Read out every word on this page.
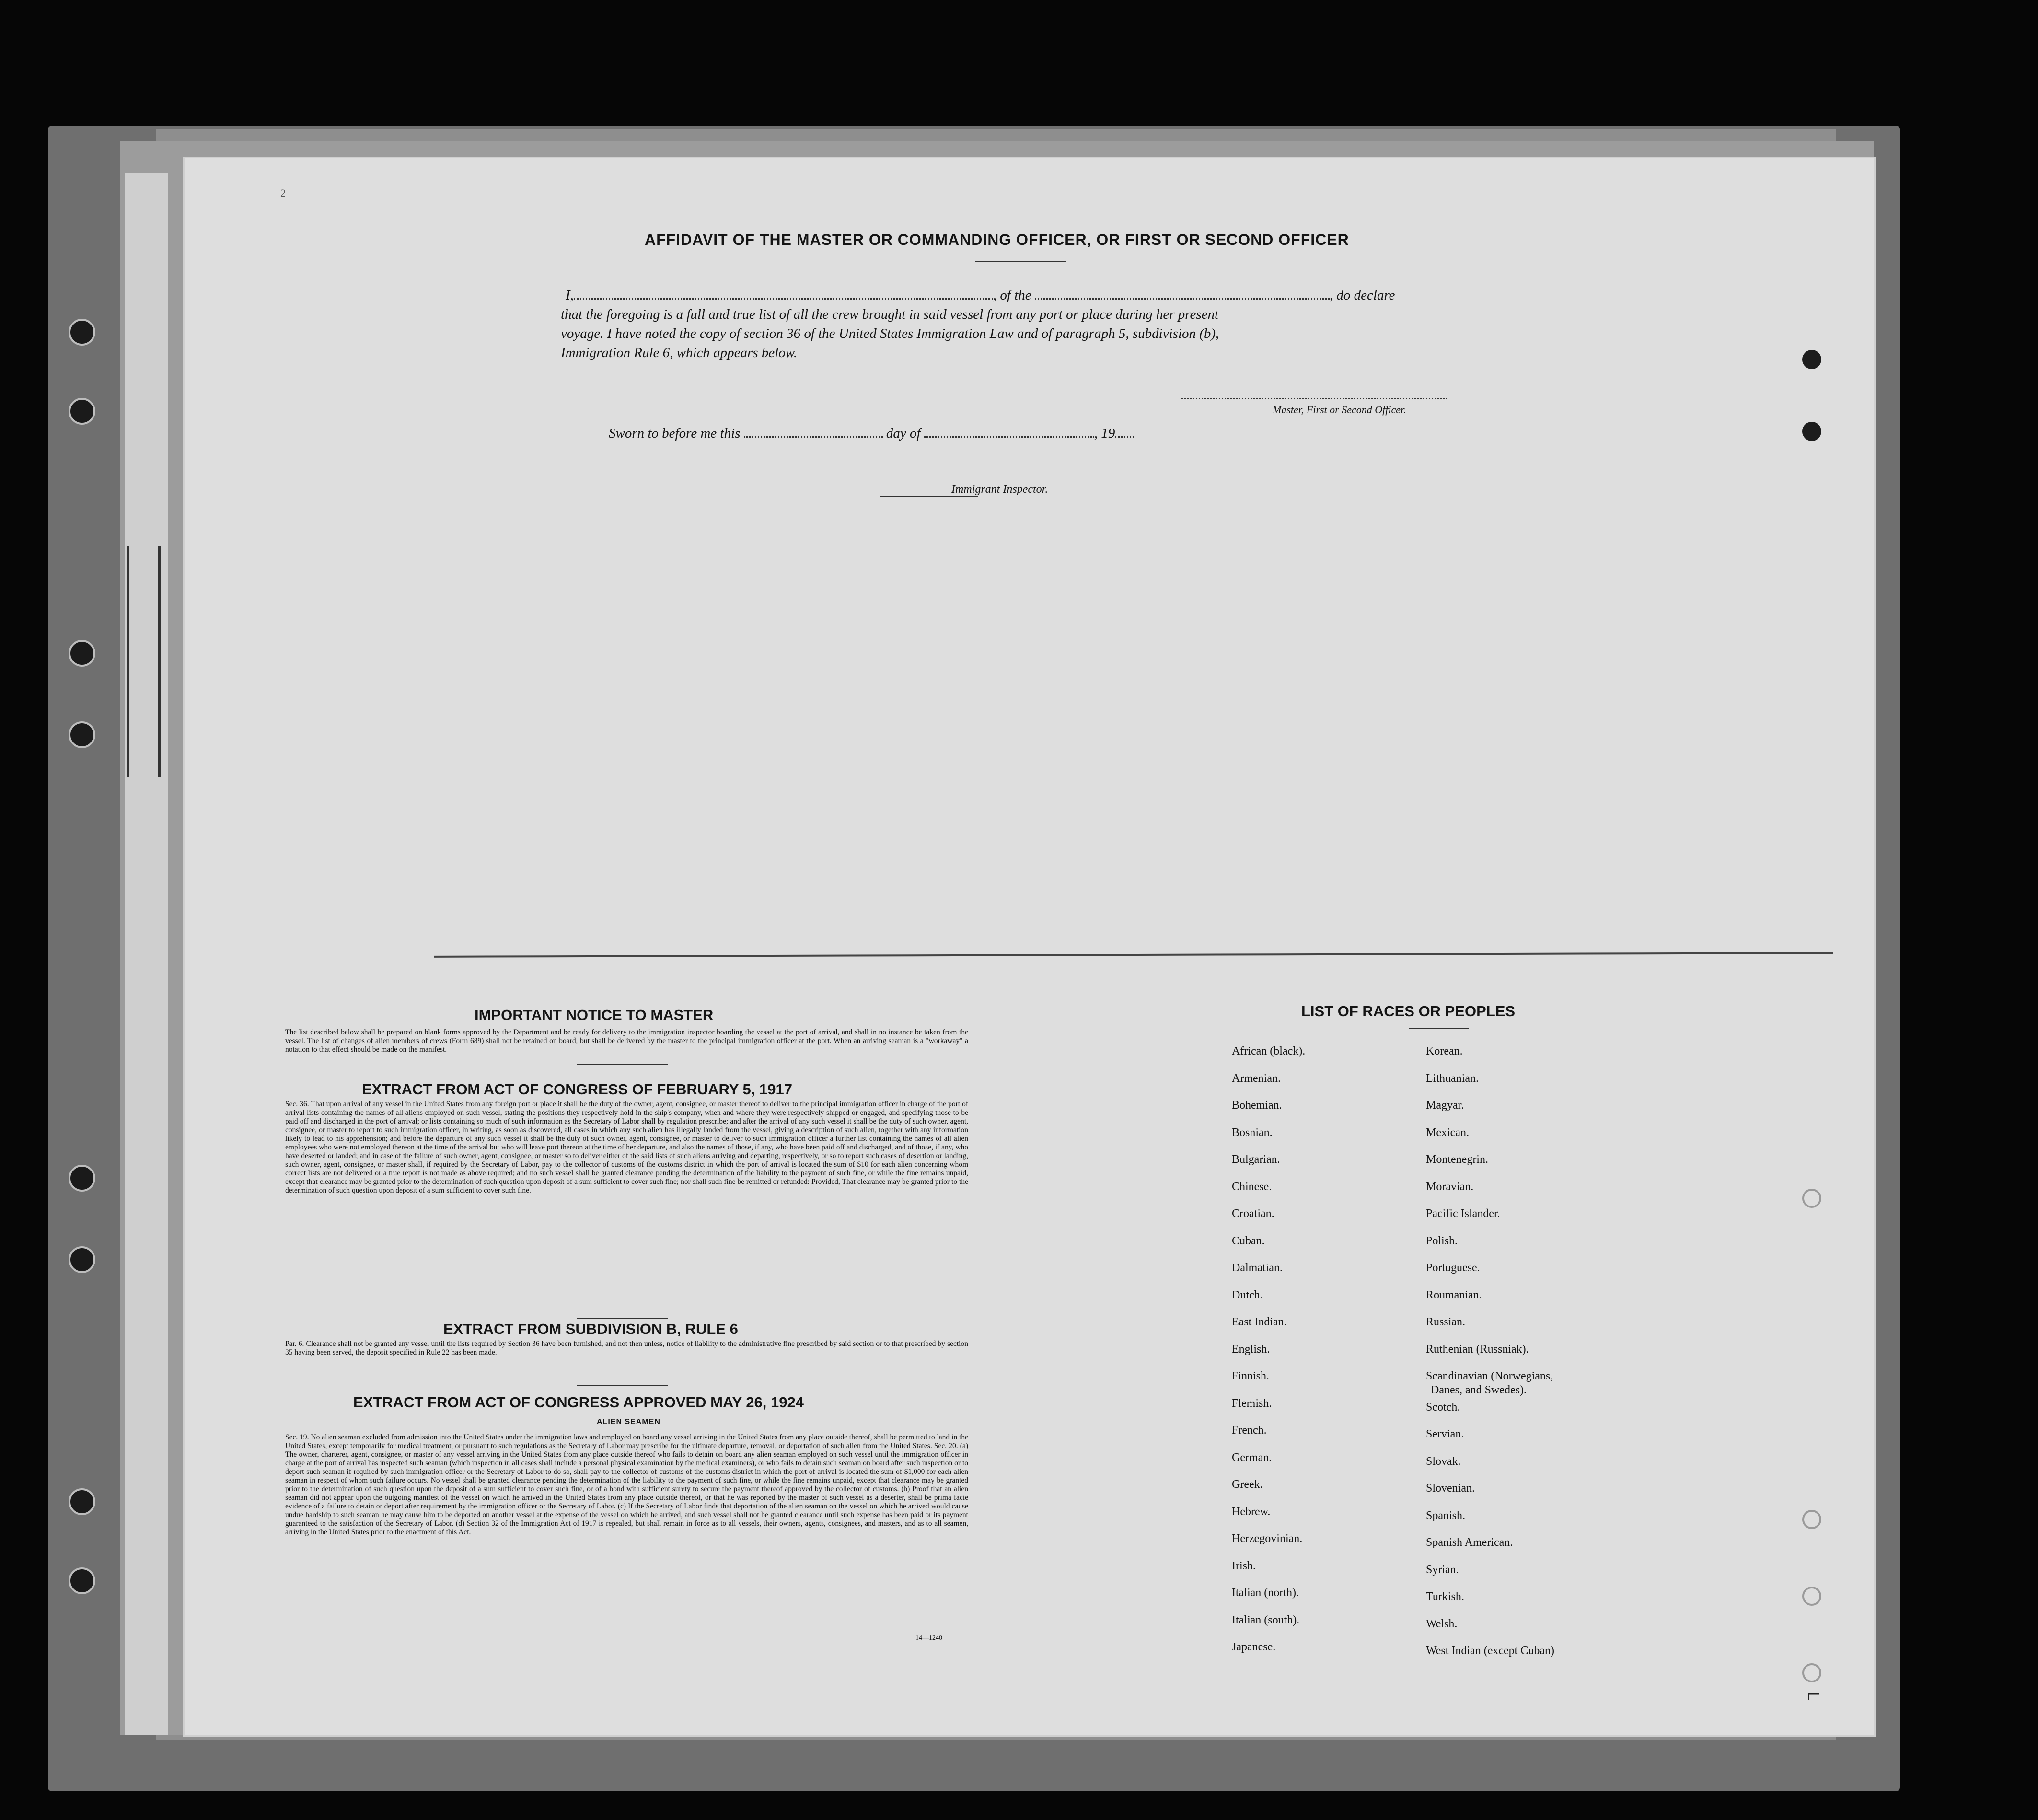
2
AFFIDAVIT OF THE MASTER OR COMMANDING OFFICER, OR FIRST OR SECOND OFFICER
I,	, of the	, do declare
that the foregoing is a full and true list of all the crew brought in said vessel from any port or place during her present
voyage. I have noted the copy of section 36 of the United States Immigration Law and of paragraph 5, subdivision (b),
Immigration Rule 6, which appears below.
Master, First or Second Officer.
Sworn to before me this	day of	, 19
Immigrant Inspector.
IMPORTANT NOTICE TO MASTER
The list described below shall be prepared on blank forms approved by the Department and be ready for delivery to the immigration inspector boarding the vessel at the port of arrival, and shall in no instance be taken from the vessel. The list of changes of alien members of crews (Form 689) shall not be retained on board, but shall be delivered by the master to the principal immigration officer at the port. When an arriving seaman is a "workaway" a notation to that effect should be made on the manifest.
EXTRACT FROM ACT OF CONGRESS OF FEBRUARY 5, 1917
Sec. 36. That upon arrival of any vessel in the United States from any foreign port or place it shall be the duty of the owner, agent, consignee, or master thereof to deliver to the principal immigration officer in charge of the port of arrival lists containing the names of all aliens employed on such vessel, stating the positions they respectively hold in the ship's company, when and where they were respectively shipped or engaged, and specifying those to be paid off and discharged in the port of arrival; or lists containing so much of such information as the Secretary of Labor shall by regulation prescribe; and after the arrival of any such vessel it shall be the duty of such owner, agent, consignee, or master to report to such immigration officer, in writing, as soon as discovered, all cases in which any such alien has illegally landed from the vessel, giving a description of such alien, together with any information likely to lead to his apprehension; and before the departure of any such vessel it shall be the duty of such owner, agent, consignee, or master to deliver to such immigration officer a further list containing the names of all alien employees who were not employed thereon at the time of the arrival but who will leave port thereon at the time of her departure, and also the names of those, if any, who have been paid off and discharged, and of those, if any, who have deserted or landed; and in case of the failure of such owner, agent, consignee, or master so to deliver either of the said lists of such aliens arriving and departing, respectively, or so to report such cases of desertion or landing, such owner, agent, consignee, or master shall, if required by the Secretary of Labor, pay to the collector of customs of the customs district in which the port of arrival is located the sum of $10 for each alien concerning whom correct lists are not delivered or a true report is not made as above required; and no such vessel shall be granted clearance pending the determination of the liability to the payment of such fine, or while the fine remains unpaid, except that clearance may be granted prior to the determination of such question upon deposit of a sum sufficient to cover such fine; nor shall such fine be remitted or refunded: Provided, That clearance may be granted prior to the determination of such question upon deposit of a sum sufficient to cover such fine.
EXTRACT FROM SUBDIVISION B, RULE 6
Par. 6. Clearance shall not be granted any vessel until the lists required by Section 36 have been furnished, and not then unless, notice of liability to the administrative fine prescribed by said section or to that prescribed by section 35 having been served, the deposit specified in Rule 22 has been made.
EXTRACT FROM ACT OF CONGRESS APPROVED MAY 26, 1924
ALIEN SEAMEN
Sec. 19. No alien seaman excluded from admission into the United States under the immigration laws and employed on board any vessel arriving in the United States from any place outside thereof, shall be permitted to land in the United States, except temporarily for medical treatment, or pursuant to such regulations as the Secretary of Labor may prescribe for the ultimate departure, removal, or deportation of such alien from the United States. Sec. 20. (a) The owner, charterer, agent, consignee, or master of any vessel arriving in the United States from any place outside thereof who fails to detain on board any alien seaman employed on such vessel until the immigration officer in charge at the port of arrival has inspected such seaman (which inspection in all cases shall include a personal physical examination by the medical examiners), or who fails to detain such seaman on board after such inspection or to deport such seaman if required by such immigration officer or the Secretary of Labor to do so, shall pay to the collector of customs of the customs district in which the port of arrival is located the sum of $1,000 for each alien seaman in respect of whom such failure occurs. No vessel shall be granted clearance pending the determination of the liability to the payment of such fine, or while the fine remains unpaid, except that clearance may be granted prior to the determination of such question upon the deposit of a sum sufficient to cover such fine, or of a bond with sufficient surety to secure the payment thereof approved by the collector of customs. (b) Proof that an alien seaman did not appear upon the outgoing manifest of the vessel on which he arrived in the United States from any place outside thereof, or that he was reported by the master of such vessel as a deserter, shall be prima facie evidence of a failure to detain or deport after requirement by the immigration officer or the Secretary of Labor. (c) If the Secretary of Labor finds that deportation of the alien seaman on the vessel on which he arrived would cause undue hardship to such seaman he may cause him to be deported on another vessel at the expense of the vessel on which he arrived, and such vessel shall not be granted clearance until such expense has been paid or its payment guaranteed to the satisfaction of the Secretary of Labor. (d) Section 32 of the Immigration Act of 1917 is repealed, but shall remain in force as to all vessels, their owners, agents, consignees, and masters, and as to all seamen, arriving in the United States prior to the enactment of this Act.
14—1240
LIST OF RACES OR PEOPLES
African (black).
Armenian.
Bohemian.
Bosnian.
Bulgarian.
Chinese.
Croatian.
Cuban.
Dalmatian.
Dutch.
East Indian.
English.
Finnish.
Flemish.
French.
German.
Greek.
Hebrew.
Herzegovinian.
Irish.
Italian (north).
Italian (south).
Japanese.
Korean.
Lithuanian.
Magyar.
Mexican.
Montenegrin.
Moravian.
Pacific Islander.
Polish.
Portuguese.
Roumanian.
Russian.
Ruthenian (Russniak).
Scandinavian (Norwegians,
Scotch.
Servian.
Slovak.
Slovenian.
Spanish.
Spanish American.
Syrian.
Turkish.
Welsh.
West Indian (except Cuban)
Danes, and Swedes).
⌐
